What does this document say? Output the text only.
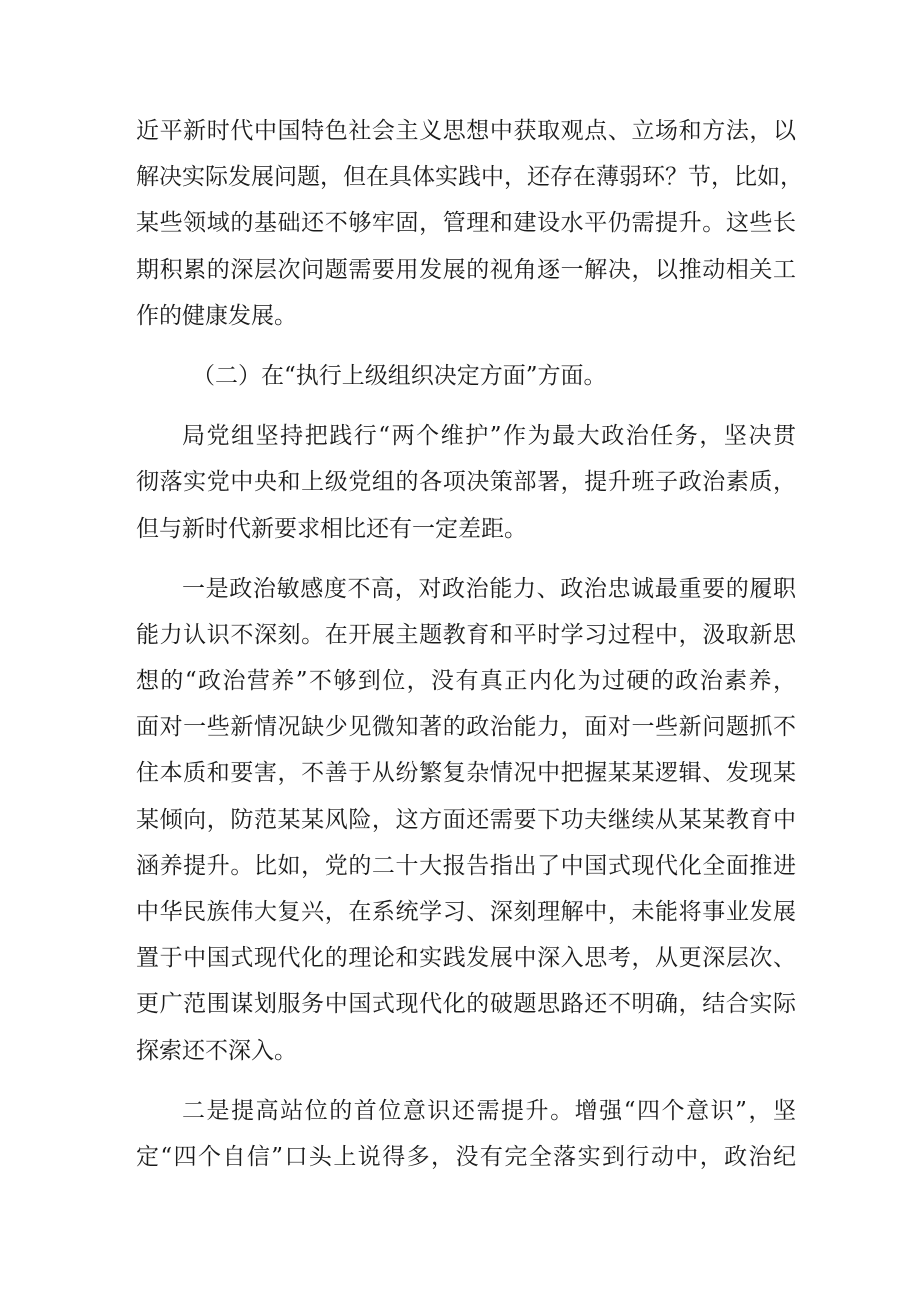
近平新时代中国特色社会主义思想中获取观点、立场和方法，以
解决实际发展问题，但在具体实践中，还存在薄弱环？节，比如，
某些领域的基础还不够牢固，管理和建设水平仍需提升。这些长
期积累的深层次问题需要用发展的视角逐一解决，以推动相关工
作的健康发展。
（二）在“执行上级组织决定方面”方面。
局党组坚持把践行“两个维护”作为最大政治任务，坚决贯
彻落实党中央和上级党组的各项决策部署，提升班子政治素质，
但与新时代新要求相比还有一定差距。
一是政治敏感度不高，对政治能力、政治忠诚最重要的履职
能力认识不深刻。在开展主题教育和平时学习过程中，汲取新思
想的“政治营养”不够到位，没有真正内化为过硬的政治素养，
面对一些新情况缺少见微知著的政治能力，面对一些新问题抓不
住本质和要害，不善于从纷繁复杂情况中把握某某逻辑、发现某
某倾向，防范某某风险，这方面还需要下功夫继续从某某教育中
涵养提升。比如，党的二十大报告指出了中国式现代化全面推进
中华民族伟大复兴，在系统学习、深刻理解中，未能将事业发展
置于中国式现代化的理论和实践发展中深入思考，从更深层次、
更广范围谋划服务中国式现代化的破题思路还不明确，结合实际
探索还不深入。
二是提高站位的首位意识还需提升。增强“四个意识”，坚
定“四个自信”口头上说得多，没有完全落实到行动中，政治纪
